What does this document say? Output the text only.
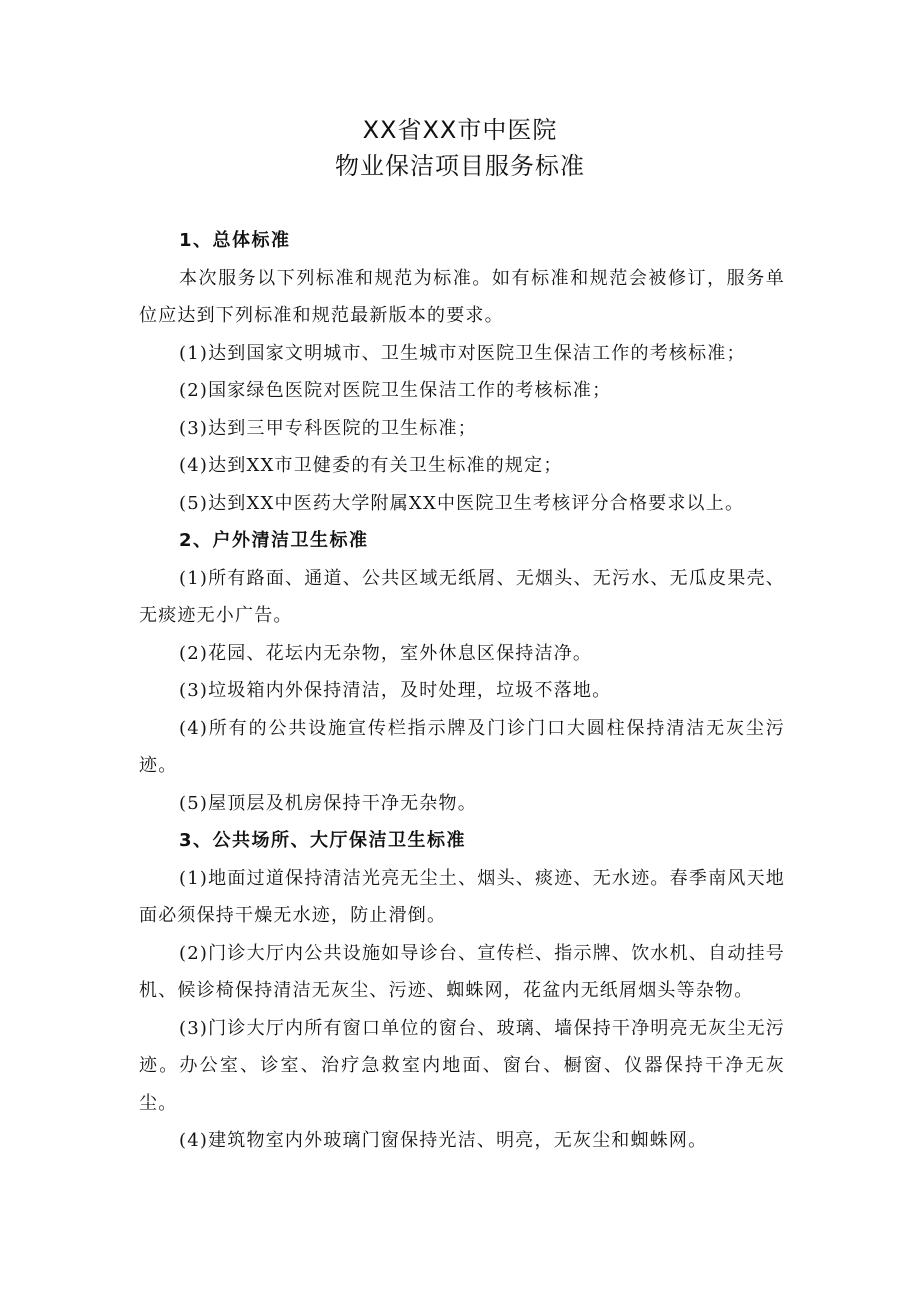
XX省XX市中医院
物业保洁项目服务标准

1、总体标准

本次服务以下列标准和规范为标准。如有标准和规范会被修订，服务单位应达到下列标准和规范最新版本的要求。

(1)达到国家文明城市、卫生城市对医院卫生保洁工作的考核标准；

(2)国家绿色医院对医院卫生保洁工作的考核标准；

(3)达到三甲专科医院的卫生标准；

(4)达到XX市卫健委的有关卫生标准的规定；

(5)达到XX中医药大学附属XX中医院卫生考核评分合格要求以上。

2、户外清洁卫生标准

(1)所有路面、通道、公共区域无纸屑、无烟头、无污水、无瓜皮果壳、无痰迹无小广告。

(2)花园、花坛内无杂物，室外休息区保持洁净。

(3)垃圾箱内外保持清洁，及时处理，垃圾不落地。

(4)所有的公共设施宣传栏指示牌及门诊门口大圆柱保持清洁无灰尘污迹。

(5)屋顶层及机房保持干净无杂物。

3、公共场所、大厅保洁卫生标准

(1)地面过道保持清洁光亮无尘土、烟头、痰迹、无水迹。春季南风天地面必须保持干燥无水迹，防止滑倒。

(2)门诊大厅内公共设施如导诊台、宣传栏、指示牌、饮水机、自动挂号机、候诊椅保持清洁无灰尘、污迹、蜘蛛网，花盆内无纸屑烟头等杂物。

(3)门诊大厅内所有窗口单位的窗台、玻璃、墙保持干净明亮无灰尘无污迹。办公室、诊室、治疗急救室内地面、窗台、橱窗、仪器保持干净无灰尘。

(4)建筑物室内外玻璃门窗保持光洁、明亮，无灰尘和蜘蛛网。
